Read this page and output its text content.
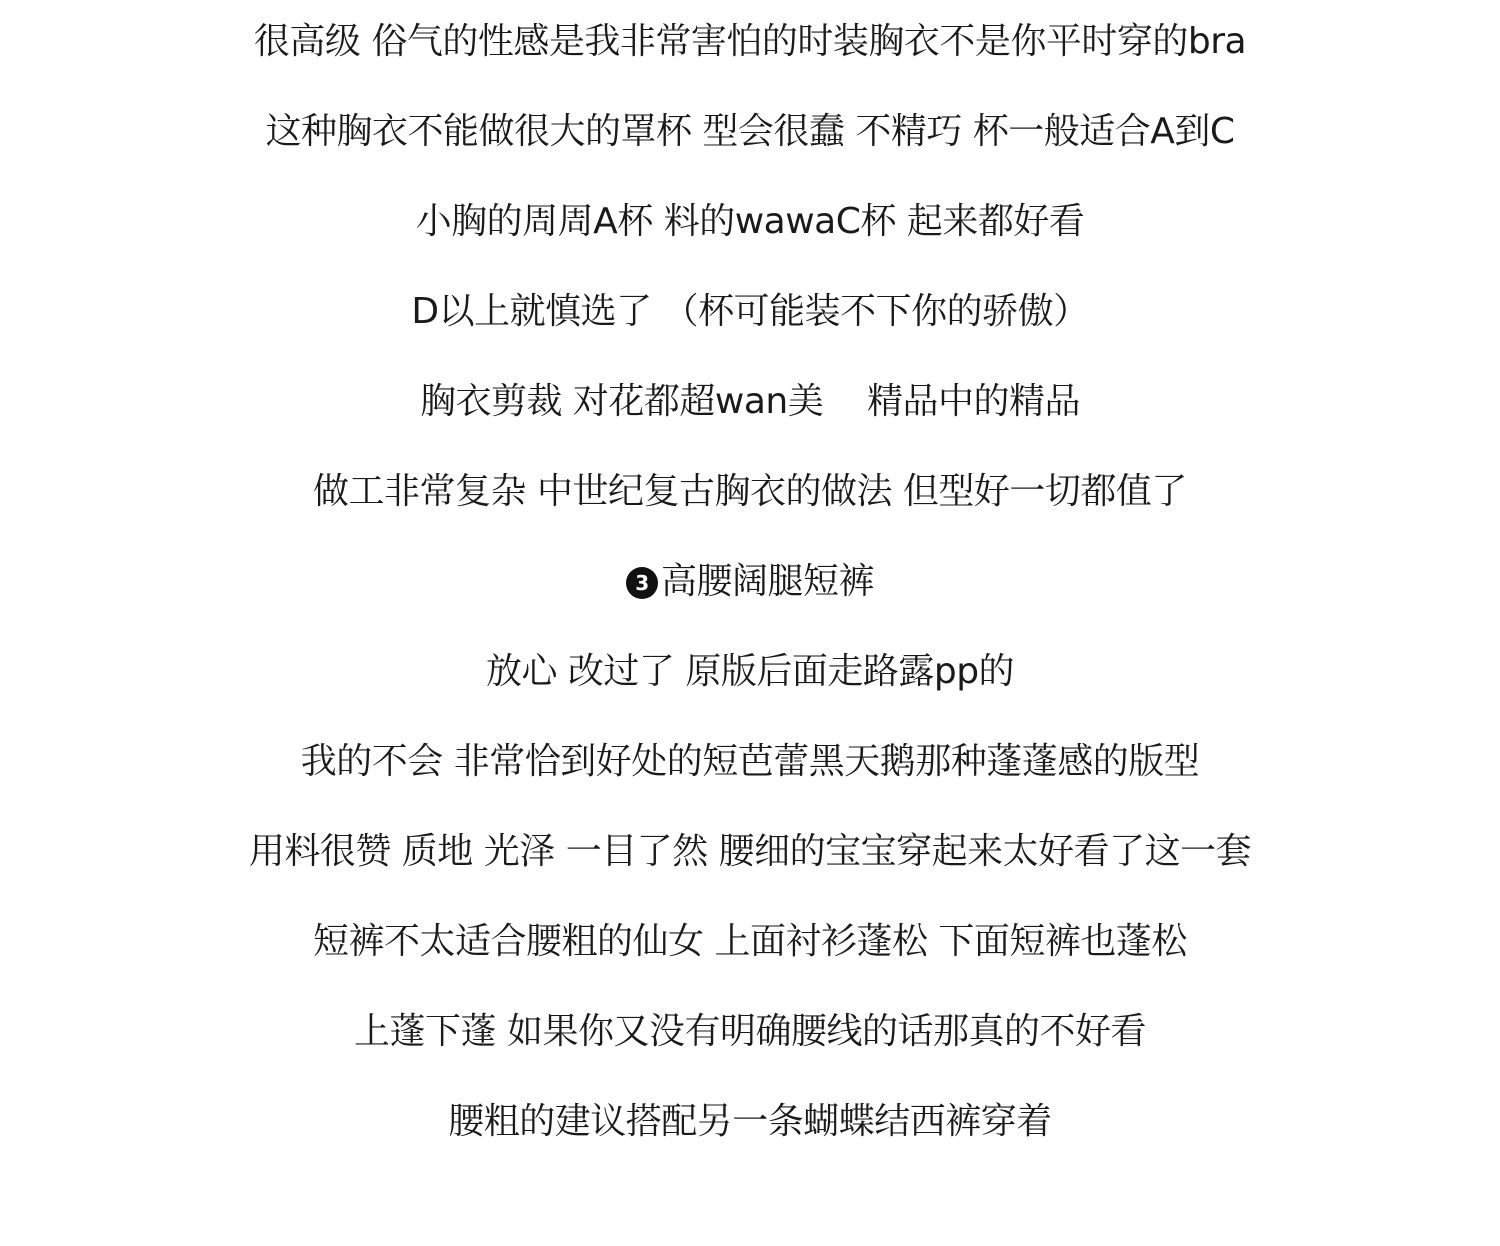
很高级 俗气的性感是我非常害怕的时装胸衣不是你平时穿的bra
这种胸衣不能做很大的罩杯 型会很蠢 不精巧 杯一般适合A到C
小胸的周周A杯 料的wawaC杯 起来都好看
D以上就慎选了 （杯可能装不下你的骄傲）
胸衣剪裁 对花都超wan美    精品中的精品
做工非常复杂 中世纪复古胸衣的做法 但型好一切都值了
3 高腰阔腿短裤
放心 改过了 原版后面走路露pp的
我的不会 非常恰到好处的短芭蕾黑天鹅那种蓬蓬感的版型
用料很赞 质地 光泽 一目了然 腰细的宝宝穿起来太好看了这一套
短裤不太适合腰粗的仙女 上面衬衫蓬松 下面短裤也蓬松
上蓬下蓬 如果你又没有明确腰线的话那真的不好看
腰粗的建议搭配另一条蝴蝶结西裤穿着
